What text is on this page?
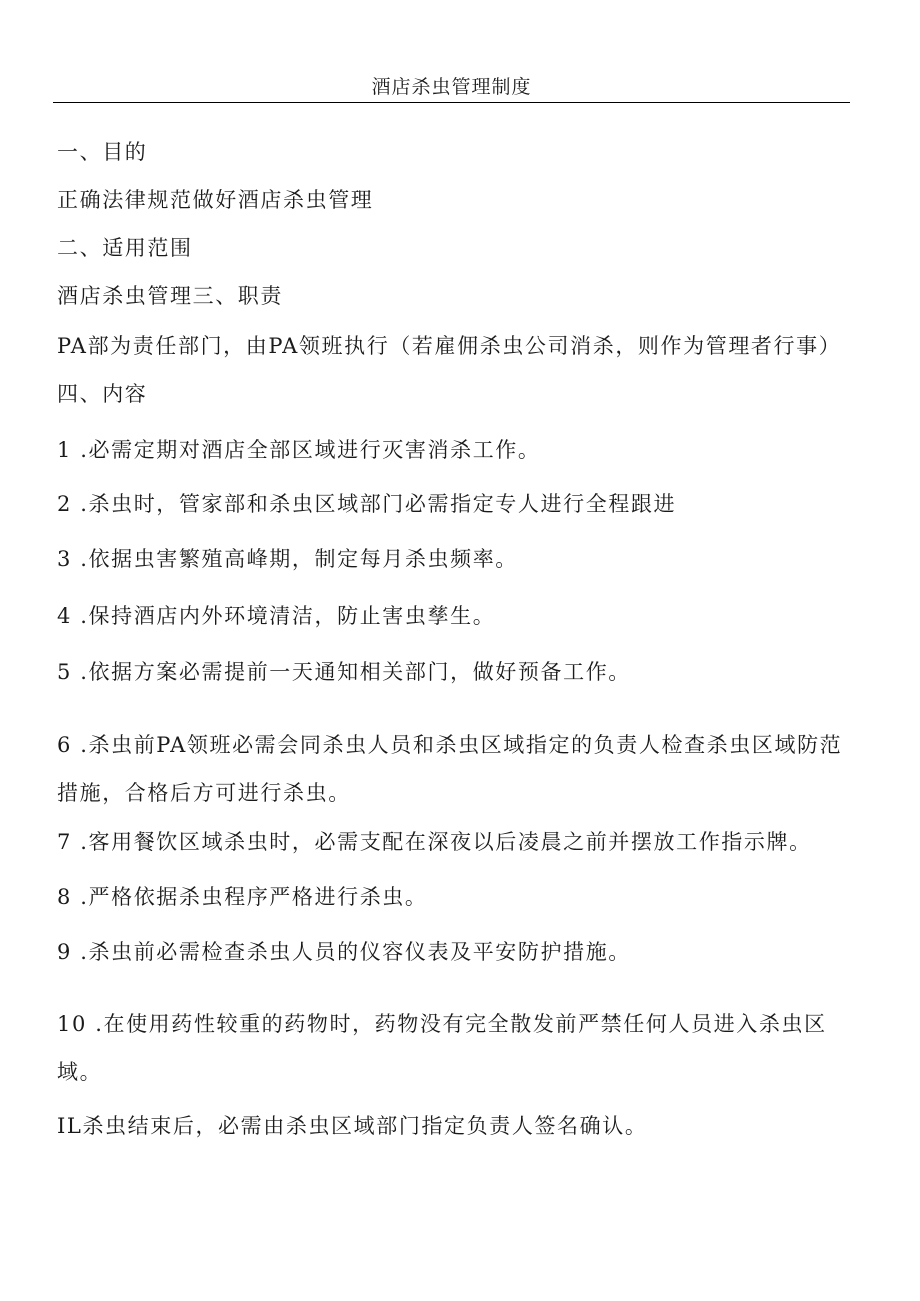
酒店杀虫管理制度
一、目的
正确法律规范做好酒店杀虫管理
二、适用范围
酒店杀虫管理三、职责
PA部为责任部门，由PA领班执行（若雇佣杀虫公司消杀，则作为管理者行事）四、内容
1 .必需定期对酒店全部区域进行灭害消杀工作。
2 .杀虫时，管家部和杀虫区域部门必需指定专人进行全程跟进
3 .依据虫害繁殖高峰期，制定每月杀虫频率。
4 .保持酒店内外环境清洁，防止害虫孳生。
5 .依据方案必需提前一天通知相关部门，做好预备工作。
6 .杀虫前PA领班必需会同杀虫人员和杀虫区域指定的负责人检查杀虫区域防范措施，合格后方可进行杀虫。
7 .客用餐饮区域杀虫时，必需支配在深夜以后凌晨之前并摆放工作指示牌。
8 .严格依据杀虫程序严格进行杀虫。
9 .杀虫前必需检查杀虫人员的仪容仪表及平安防护措施。
10 .在使用药性较重的药物时，药物没有完全散发前严禁任何人员进入杀虫区域。
IL杀虫结束后，必需由杀虫区域部门指定负责人签名确认。
